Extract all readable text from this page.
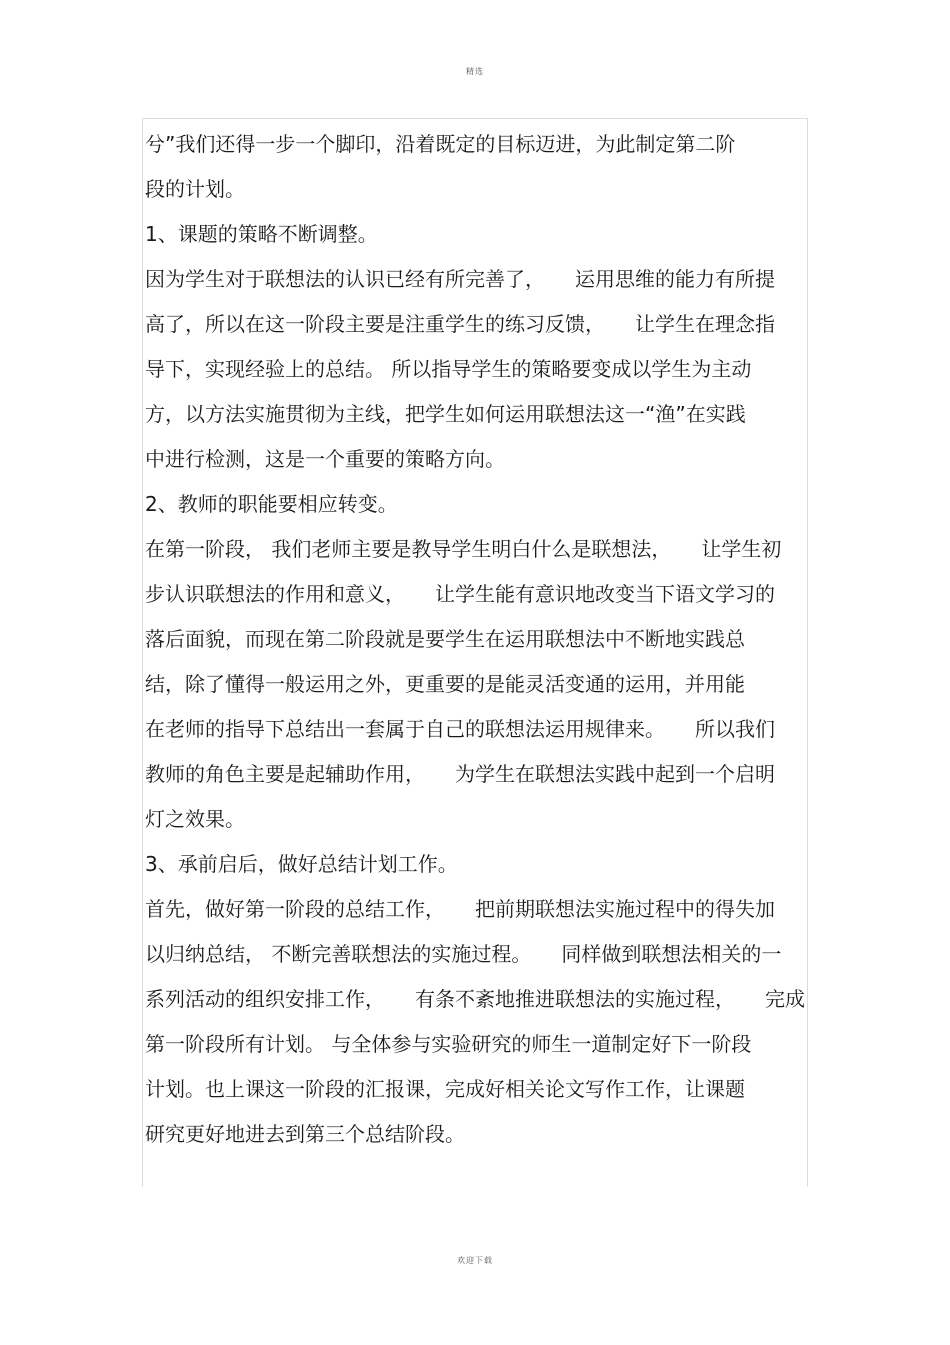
精选
兮”我们还得一步一个脚印，沿着既定的目标迈进，为此制定第二阶
段的计划。
1、课题的策略不断调整。
因为学生对于联想法的认识已经有所完善了， 运用思维的能力有所提
高了，所以在这一阶段主要是注重学生的练习反馈， 让学生在理念指
导下，实现经验上的总结。 所以指导学生的策略要变成以学生为主动
方，以方法实施贯彻为主线，把学生如何运用联想法这一“渔”在实践
中进行检测，这是一个重要的策略方向。
2、教师的职能要相应转变。
在第一阶段， 我们老师主要是教导学生明白什么是联想法， 让学生初
步认识联想法的作用和意义， 让学生能有意识地改变当下语文学习的
落后面貌，而现在第二阶段就是要学生在运用联想法中不断地实践总
结，除了懂得一般运用之外，更重要的是能灵活变通的运用，并用能
在老师的指导下总结出一套属于自己的联想法运用规律来。 所以我们
教师的角色主要是起辅助作用， 为学生在联想法实践中起到一个启明
灯之效果。
3、承前启后，做好总结计划工作。
首先，做好第一阶段的总结工作， 把前期联想法实施过程中的得失加
以归纳总结， 不断完善联想法的实施过程。 同样做到联想法相关的一
系列活动的组织安排工作， 有条不紊地推进联想法的实施过程， 完成
第一阶段所有计划。 与全体参与实验研究的师生一道制定好下一阶段
计划。也上课这一阶段的汇报课，完成好相关论文写作工作，让课题
研究更好地进去到第三个总结阶段。
欢迎下载
